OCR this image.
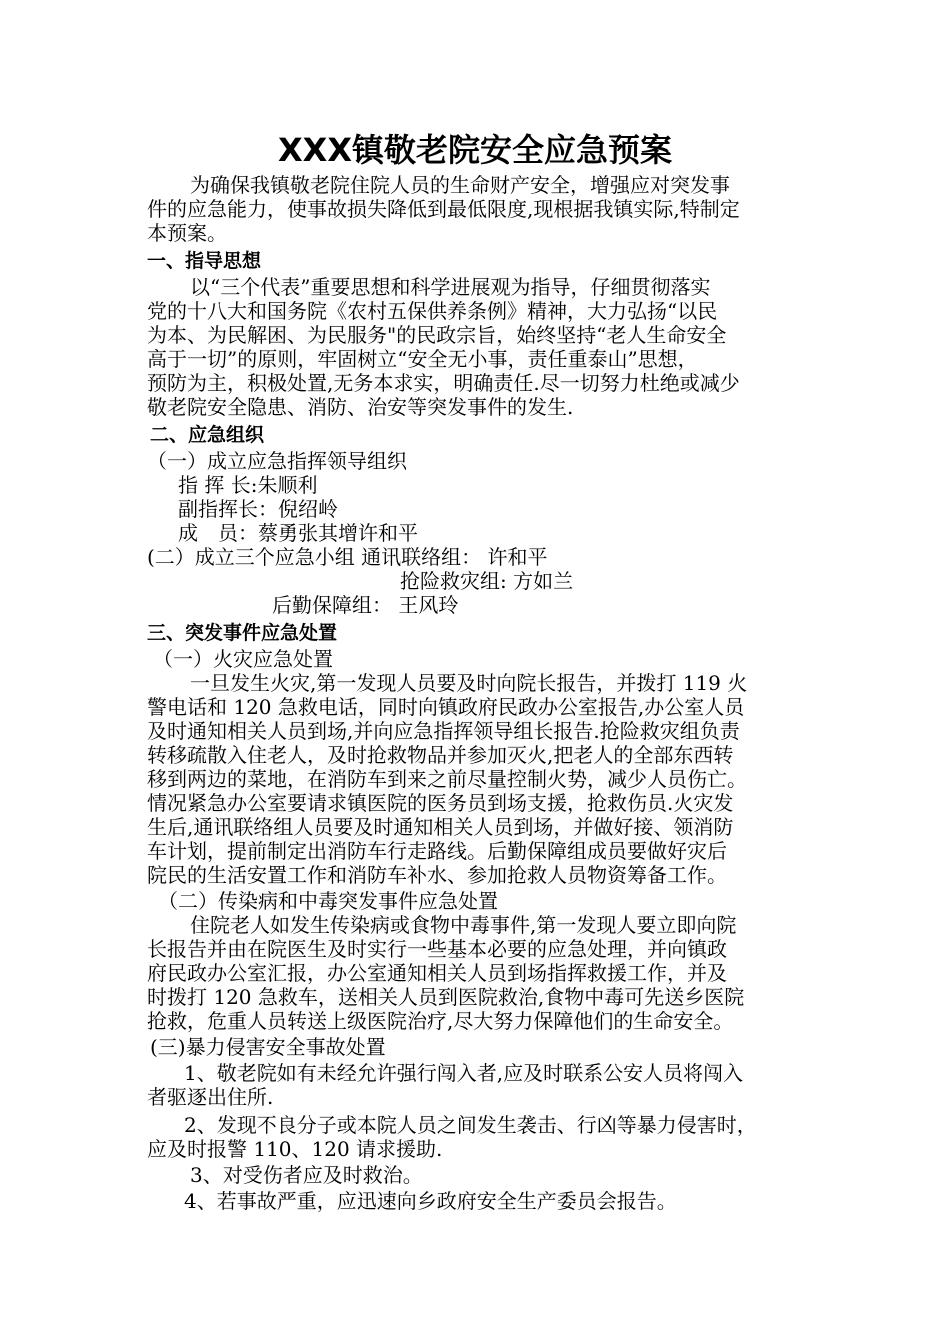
XXX镇敬老院安全应急预案
为确保我镇敬老院住院人员的生命财产安全，增强应对突发事
件的应急能力，使事故损失降低到最低限度,现根据我镇实际,特制定
本预案。
一、指导思想
以“三个代表”重要思想和科学进展观为指导，仔细贯彻落实
党的十八大和国务院《农村五保供养条例》精神，大力弘扬“以民
为本、为民解困、为民服务"的民政宗旨，始终坚持“老人生命安全
高于一切”的原则，牢固树立“安全无小事，责任重泰山”思想，
预防为主，积极处置,无务本求实，明确责任.尽一切努力杜绝或减少
敬老院安全隐患、消防、治安等突发事件的发生.
二、应急组织
（一）成立应急指挥领导组织
指 挥 长:朱顺利
副指挥长：倪绍岭
成　员：蔡勇张其增许和平
(二）成立三个应急小组 通讯联络组： 许和平
抢险救灾组: 方如兰
后勤保障组： 王风玲
三、突发事件应急处置
（一）火灾应急处置
一旦发生火灾,第一发现人员要及时向院长报告，并拨打 119 火
警电话和 120 急救电话，同时向镇政府民政办公室报告,办公室人员
及时通知相关人员到场,并向应急指挥领导组长报告.抢险救灾组负责
转移疏散入住老人，及时抢救物品并参加灭火,把老人的全部东西转
移到两边的菜地，在消防车到来之前尽量控制火势，减少人员伤亡。
情况紧急办公室要请求镇医院的医务员到场支援，抢救伤员.火灾发
生后,通讯联络组人员要及时通知相关人员到场，并做好接、领消防
车计划，提前制定出消防车行走路线。后勤保障组成员要做好灾后
院民的生活安置工作和消防车补水、参加抢救人员物资筹备工作。
（二）传染病和中毒突发事件应急处置
住院老人如发生传染病或食物中毒事件,第一发现人要立即向院
长报告并由在院医生及时实行一些基本必要的应急处理，并向镇政
府民政办公室汇报，办公室通知相关人员到场指挥救援工作，并及
时拨打 120 急救车，送相关人员到医院救治,食物中毒可先送乡医院
抢救，危重人员转送上级医院治疗,尽大努力保障他们的生命安全。
(三)暴力侵害安全事故处置
1、敬老院如有未经允许强行闯入者,应及时联系公安人员将闯入
者驱逐出住所.
2、发现不良分子或本院人员之间发生袭击、行凶等暴力侵害时，
应及时报警 110、120 请求援助.
3、对受伤者应及时救治。
4、若事故严重，应迅速向乡政府安全生产委员会报告。
